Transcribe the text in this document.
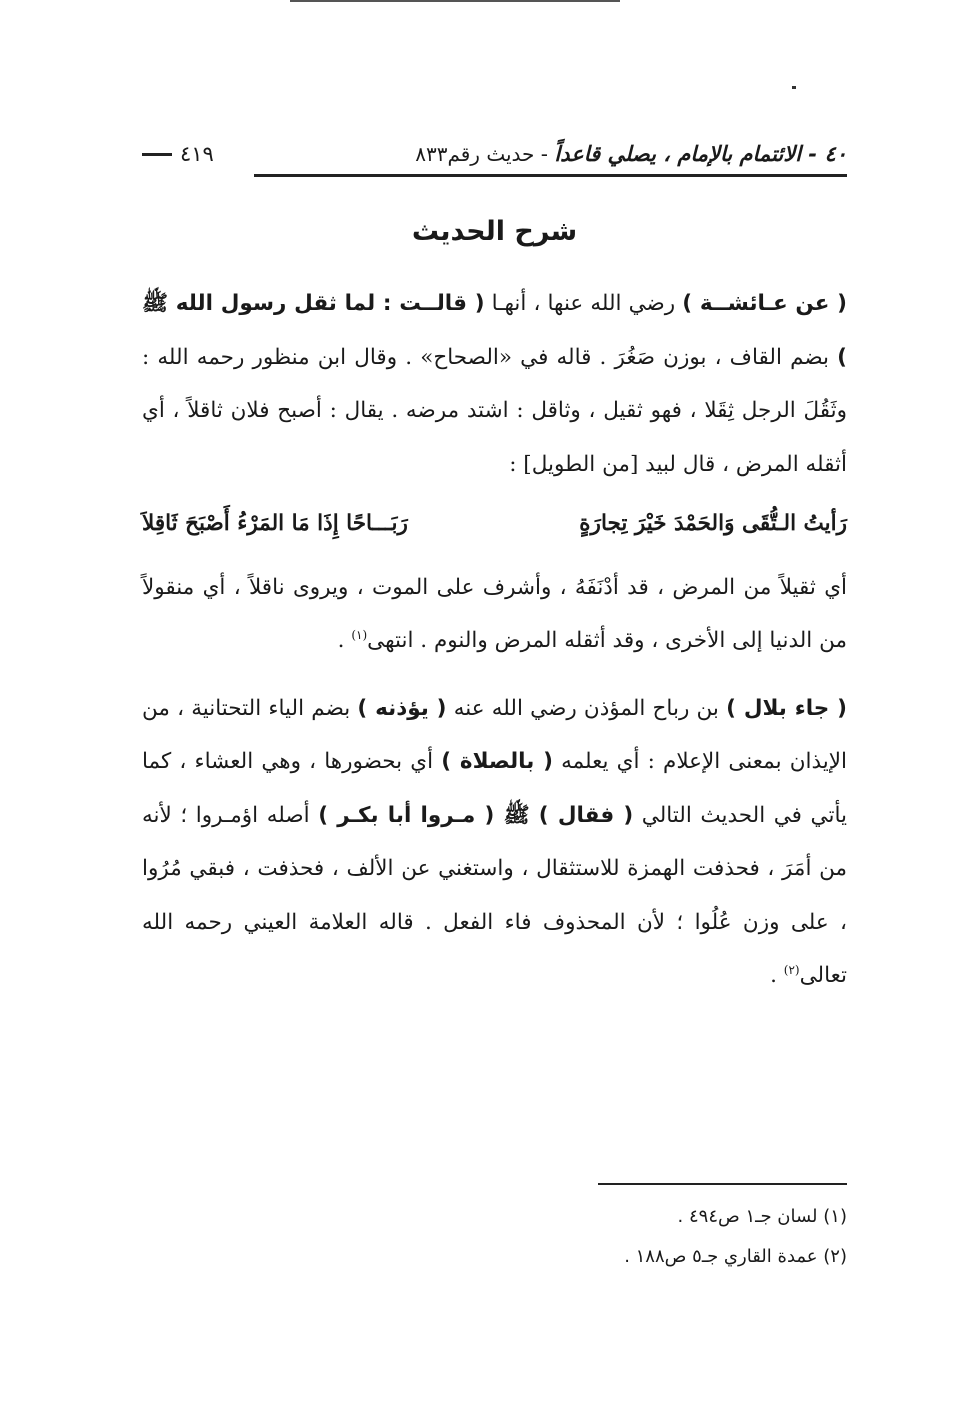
٤٠ - الائتمام بالإمام ، يصلي قاعداً - حديث رقم٨٣٣
٤١٩
شرح الحديث

( عن عـائشــة ) رضي الله عنها ، أنهـا ( قالــت : لما ثقل رسول الله ﷺ ) بضم القاف ، بوزن صَغُرَ . قاله في «الصحاح» . وقال ابن منظور رحمه الله : وثَقُلَ الرجل ثِقَلا ، فهو ثقيل ، وثاقل : اشتد مرضه . يقال : أصبح فلان ثاقلاً ، أي أثقله المرض ، قال لبيد [من الطويل] :

رَأيتُ الـتُّقَى وَالحَمْدَ خَيْرَ تِجارَةٍ
رَبَـــاحًا إِذَا مَا المَرْءُ أَصْبَحَ ثَاقِلاَ

أي ثقيلاً من المرض ، قد أدْنَفَهُ ، وأشرف على الموت ، ويروى ناقلاً ، أي منقولاً من الدنيا إلى الأخرى ، وقد أثقله المرض والنوم . انتهى$^{(١)}$ .

( جاء بلال ) بن رباح المؤذن رضي الله عنه ( يؤذنه ) بضم الياء التحتانية ، من الإيذان بمعنى الإعلام : أي يعلمه ( بالصلاة ) أي بحضورها ، وهي العشاء ، كما يأتي في الحديث التالي ( فقال ) ﷺ ( مـروا أبا بكـر ) أصله اؤمـروا ؛ لأنه من أمَرَ ، فحذفت الهمزة للاستثقال ، واستغني عن الألف ، فحذفت ، فبقي مُرُوا ، على وزن عُلُوا ؛ لأن المحذوف فاء الفعل . قاله العلامة العيني رحمه الله تعالى$^{(٢)}$ .

(١) لسان جـ١ ص٤٩٤ .
(٢) عمدة القاري جـ٥ ص١٨٨ .
